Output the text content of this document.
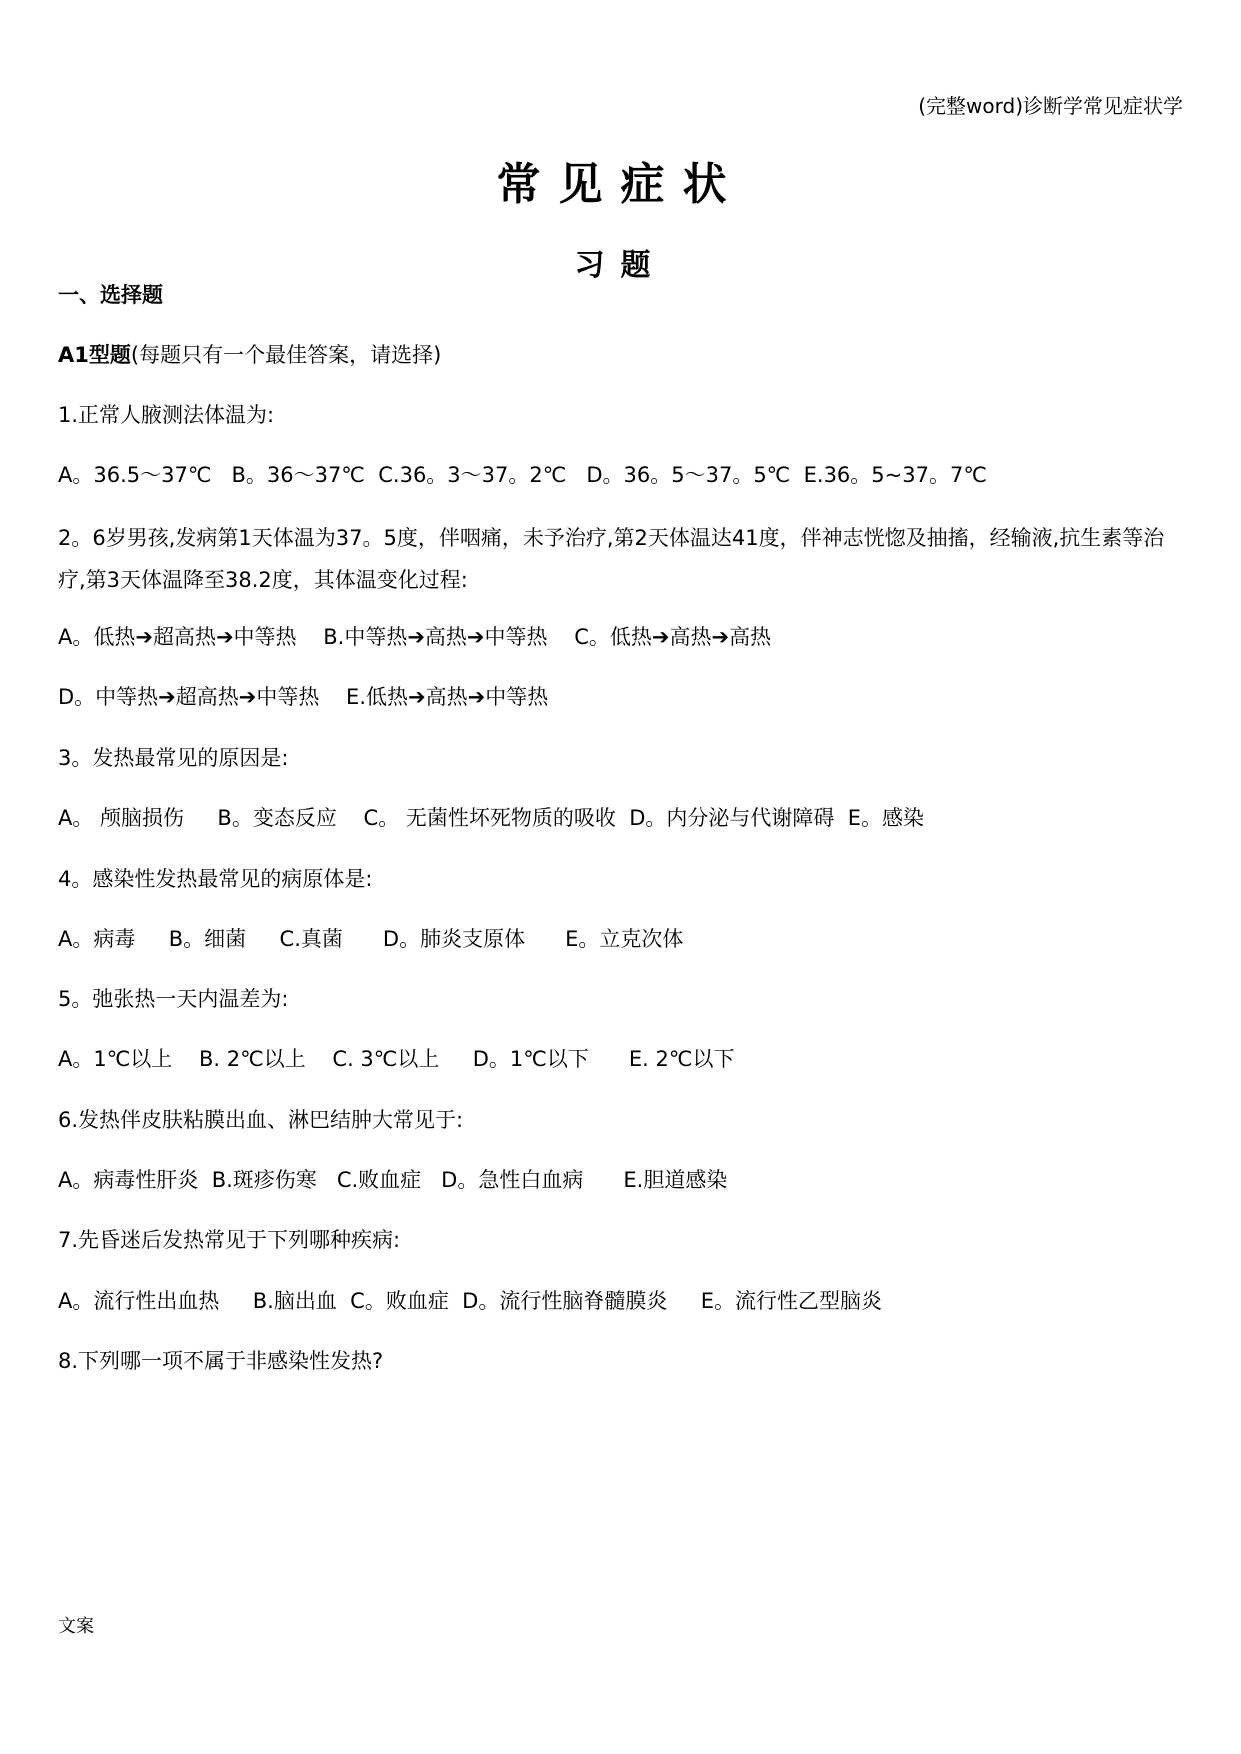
(完整word)诊断学常见症状学
常见症状
习题
一、选择题
A1型题(每题只有一个最佳答案，请选择)
1.正常人腋测法体温为:
A。36.5～37℃   B。36～37℃  C.36。3～37。2℃   D。36。5～37。5℃  E.36。5~37。7℃
2。6岁男孩,发病第1天体温为37。5度，伴咽痛，未予治疗,第2天体温达41度，伴神志恍惚及抽搐，经输液,抗生素等治疗,第3天体温降至38.2度，其体温变化过程:
A。低热➔超高热➔中等热    B.中等热➔高热➔中等热    C。低热➔高热➔高热
D。中等热➔超高热➔中等热    E.低热➔高热➔中等热
3。发热最常见的原因是:
A。 颅脑损伤     B。变态反应    C。 无菌性坏死物质的吸收  D。内分泌与代谢障碍  E。感染
4。感染性发热最常见的病原体是:
A。病毒     B。细菌     C.真菌      D。肺炎支原体      E。立克次体
5。弛张热一天内温差为:
A。1℃以上    B. 2℃以上    C. 3℃以上     D。1℃以下      E. 2℃以下
6.发热伴皮肤粘膜出血、淋巴结肿大常见于:
A。病毒性肝炎  B.斑疹伤寒   C.败血症   D。急性白血病      E.胆道感染
7.先昏迷后发热常见于下列哪种疾病:
A。流行性出血热     B.脑出血  C。败血症  D。流行性脑脊髓膜炎     E。流行性乙型脑炎
8.下列哪一项不属于非感染性发热?
文案
